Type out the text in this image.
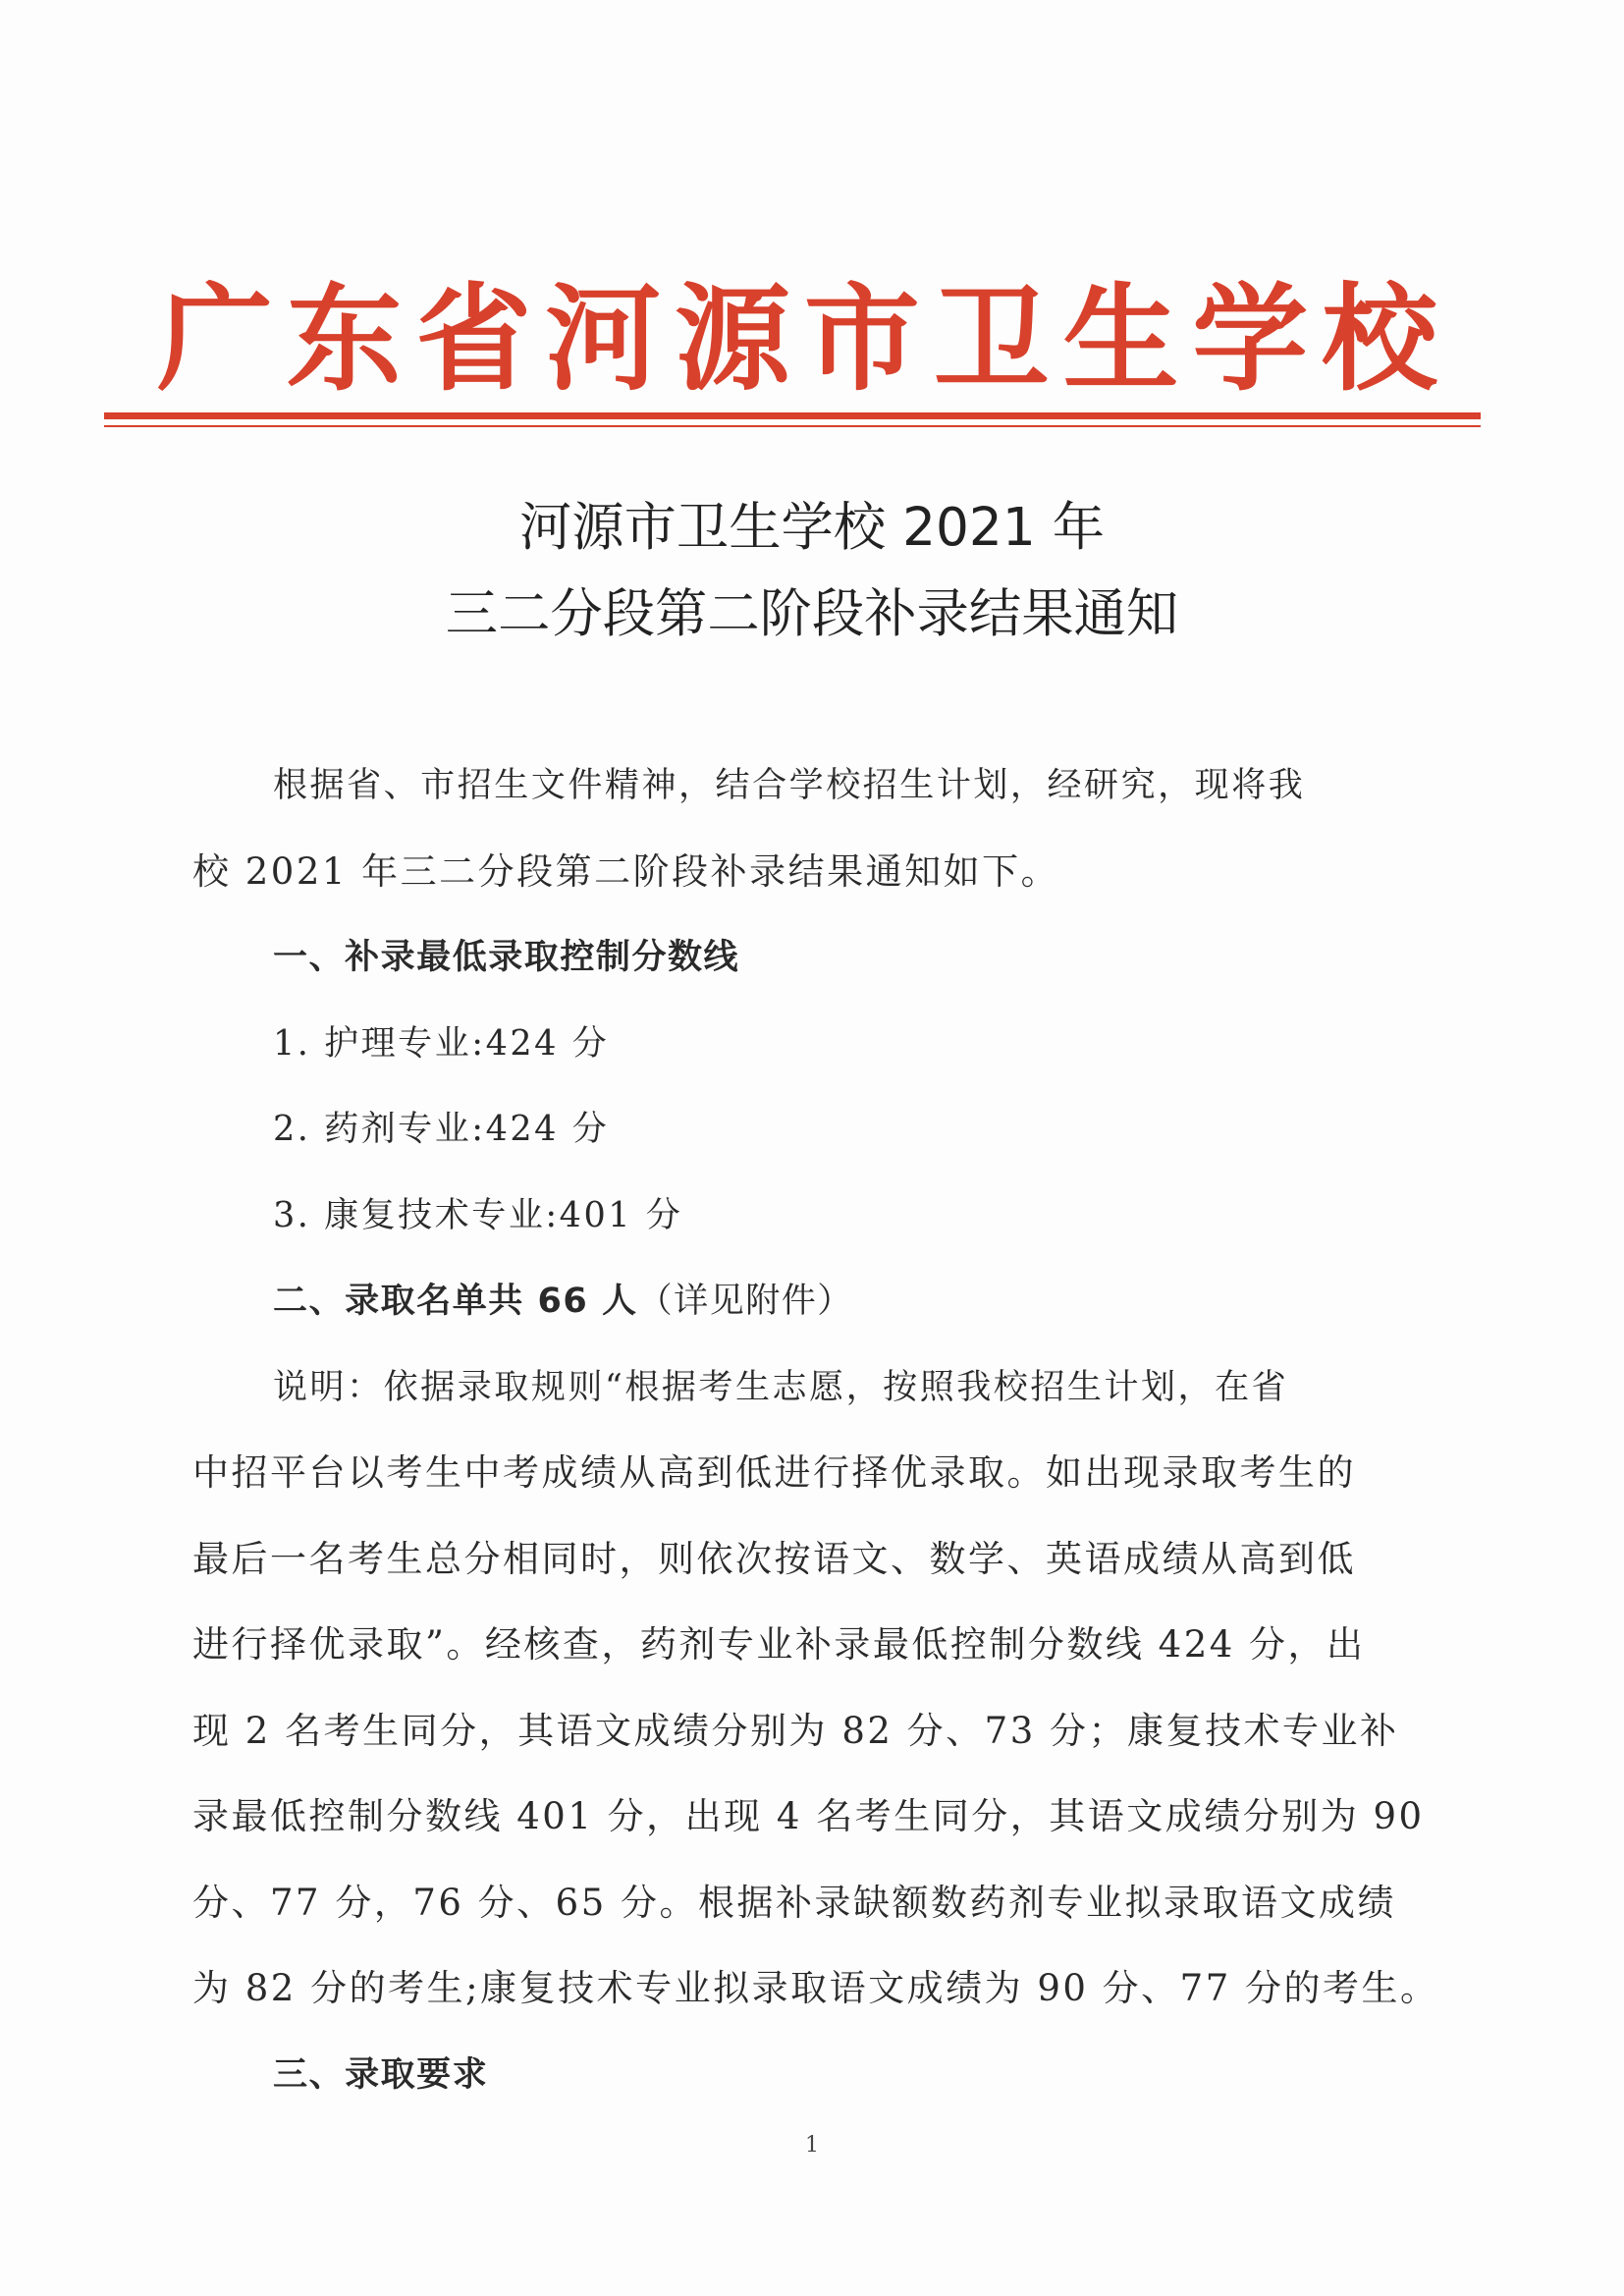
广东省河源市卫生学校
河源市卫生学校 2021 年
三二分段第二阶段补录结果通知
根据省、市招生文件精神，结合学校招生计划，经研究，现将我
校 2021 年三二分段第二阶段补录结果通知如下。
一、补录最低录取控制分数线
1. 护理专业:424 分
2. 药剂专业:424 分
3. 康复技术专业:401 分
二、录取名单共 66 人（详见附件）
说明：依据录取规则“根据考生志愿，按照我校招生计划，在省
中招平台以考生中考成绩从高到低进行择优录取。如出现录取考生的
最后一名考生总分相同时，则依次按语文、数学、英语成绩从高到低
进行择优录取”。经核查，药剂专业补录最低控制分数线 424 分，出
现 2 名考生同分，其语文成绩分别为 82 分、73 分；康复技术专业补
录最低控制分数线 401 分，出现 4 名考生同分，其语文成绩分别为 90
分、77 分，76 分、65 分。根据补录缺额数药剂专业拟录取语文成绩
为 82 分的考生;康复技术专业拟录取语文成绩为 90 分、77 分的考生。
三、录取要求
1
